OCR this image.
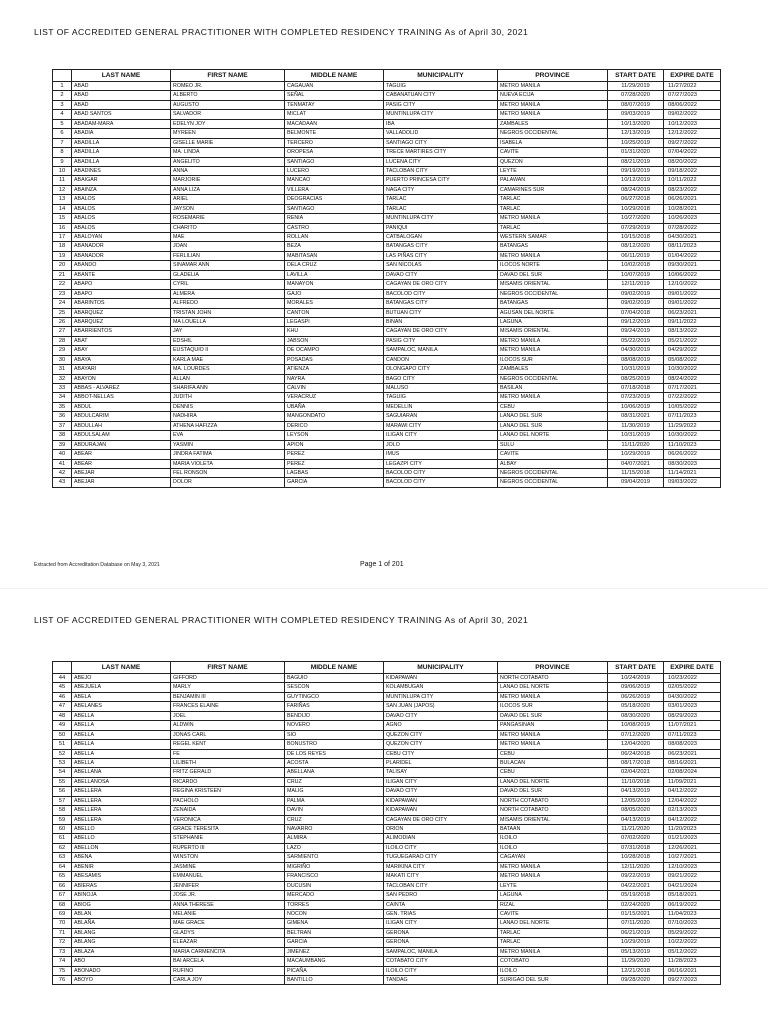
LIST OF ACCREDITED GENERAL PRACTITIONER WITH COMPLETED RESIDENCY TRAINING As of April 30, 2021
	LAST NAME	FIRST NAME	MIDDLE NAME	MUNICIPALITY	PROVINCE	START DATE	EXPIRE DATE
1	ABAD	ROMEO JR.	CAGAUAN	TAGUIG	METRO MANILA	11/29/2019	11/27/2022
2	ABAD	ALBERTO	SEÑAL	CABANATUAN CITY	NUEVA ECIJA	07/28/2020	07/27/2023
3	ABAD	AUGUSTO	TENMATAY	PASIG CITY	METRO MANILA	08/07/2019	08/06/2022
4	ABAD SANTOS	SALVADOR	MICLAT	MUNTINLUPA CITY	METRO MANILA	09/03/2019	09/02/2022
5	ABADAM-MARA	EDELYN JOY	MACADAAN	IBA	ZAMBALES	10/13/2020	10/12/2023
6	ABADIA	MYREEN	BELMONTE	VALLADOLID	NEGROS OCCIDENTAL	12/13/2019	12/12/2022
7	ABADILLA	GISELLE MARIE	TERCERO	SANTIAGO CITY	ISABELA	10/25/2019	09/27/2022
8	ABADILLA	MA. LINDA	OROPESA	TRECE MARTIRES CITY	CAVITE	01/31/2020	07/04/2022
9	ABADILLA	ANGELITO	SANTIAGO	LUCENA CITY	QUEZON	08/21/2019	08/20/2022
10	ABADINES	ANNA	LUCERO	TACLOBAN CITY	LEYTE	09/19/2019	09/18/2022
11	ABAIGAR	MARJORIE	MANCAO	PUERTO PRINCESA CITY	PALAWAN	10/12/2019	10/11/2022
12	ABAINZA	ANNA LIZA	VILLERA	NAGA CITY	CAMARINES SUR	08/24/2019	08/23/2022
13	ABALOS	ARIEL	DEOGRACIAS	TARLAC	TARLAC	06/27/2018	06/26/2021
14	ABALOS	JAYSON	SANTIAGO	TARLAC	TARLAC	10/29/2018	10/28/2021
15	ABALOS	ROSEMARIE	RENIA	MUNTINLUPA CITY	METRO MANILA	10/27/2020	10/26/2023
16	ABALOS	CHARITO	CASTRO	PANIQUI	TARLAC	07/29/2019	07/28/2022
17	ABALOYAN	MAE	ROLLAN	CATBALOGAN	WESTERN SAMAR	10/15/2018	04/30/2021
18	ABANADOR	JOAN	BEZA	BATANGAS CITY	BATANGAS	08/12/2020	08/11/2023
19	ABANADOR	FERLILIAN	MABITASAN	LAS PIÑAS CITY	METRO MANILA	06/11/2019	01/04/2022
20	ABANDO	SINAMAR ANN	DELA CRUZ	SAN NICOLAS	ILOCOS NORTE	10/02/2018	09/30/2021
21	ABANTE	GLADELIA	LAVILLA	DAVAO CITY	DAVAO DEL SUR	10/07/2019	10/06/2022
22	ABAPO	CYRIL	MANAYON	CAGAYAN DE ORO CITY	MISAMIS ORIENTAL	12/11/2019	12/10/2022
23	ABAPO	ALMERA	GAJO	BACOLOD CITY	NEGROS OCCIDENTAL	09/02/2019	09/01/2022
24	ABARINTOS	ALFREDO	MORALES	BATANGAS CITY	BATANGAS	09/02/2019	09/01/2022
25	ABARQUEZ	TRISTAN JOHN	CANTON	BUTUAN CITY	AGUSAN DEL NORTE	07/04/2018	06/23/2021
26	ABARQUEZ	MA LOUELLA	LEGASPI	BINAN	LAGUNA	09/12/2019	09/11/2022
27	ABARRIENTOS	JAY	KHU	CAGAYAN DE ORO CITY	MISAMIS ORIENTAL	09/24/2019	08/13/2022
28	ABAT	EDSHIL	JABSON	PASIG CITY	METRO MANILA	05/22/2019	05/21/2022
29	ABAY	EUSTAQUIO II	DE OCAMPO	SAMPALOC, MANILA	METRO MANILA	04/30/2019	04/29/2022
30	ABAYA	KARLA MAE	POSADAS	CANDON	ILOCOS SUR	08/08/2019	05/08/2022
31	ABAYARI	MA. LOURDES	ATIENZA	OLONGAPO CITY	ZAMBALES	10/31/2019	10/30/2022
32	ABAYON	ALLAN	NAYRA	BAGO CITY	NEGROS OCCIDENTAL	08/25/2019	08/24/2022
33	ABBAS - ALVAREZ	SHARIFA ANN	CALVIN	MALUSO	BASILAN	07/18/2018	07/17/2021
34	ABBOT-NELLAS	JUDITH	VERACRUZ	TAGUIG	METRO MANILA	07/23/2019	07/22/2022
35	ABDUL	DENNIS	UBAÑA	MEDELLIN	CEBU	10/06/2019	10/05/2022
36	ABDULCARIM	NADHIRA	MANGONDATO	SAGUIARAN	LANAO DEL SUR	08/31/2021	07/11/2023
37	ABDULLAH	ATHENA HAFIZZA	DERICO	MARAWI CITY	LANAO DEL SUR	11/30/2019	11/29/2022
38	ABDULSALAM	EVA	LEYSON	ILIGAN CITY	LANAO DEL NORTE	10/31/2019	10/30/2022
39	ABDURAJAN	YASMIN	APION	JOLO	SULU	11/11/2020	11/10/2023
40	ABEAR	JINDRA FATIMA	PEREZ	IMUS	CAVITE	10/29/2019	06/26/2022
41	ABEAR	MARIA VIOLETA	PEREZ	LEGAZPI CITY	ALBAY	04/07/2021	08/30/2023
42	ABEJAR	FEL RONSON	LAGBAS	BACOLOD CITY	NEGROS OCCIDENTAL	11/15/2018	11/14/2021
43	ABEJAR	DOLOR	GARCIA	BACOLOD CITY	NEGROS OCCIDENTAL	09/04/2019	09/03/2022
Extracted from Accreditation Database on May 3, 2021	Page 1 of 201
LIST OF ACCREDITED GENERAL PRACTITIONER WITH COMPLETED RESIDENCY TRAINING As of April 30, 2021
	LAST NAME	FIRST NAME	MIDDLE NAME	MUNICIPALITY	PROVINCE	START DATE	EXPIRE DATE
44	ABEJO	GIFFORD	BAGUIO	KIDAPAWAN	NORTH COTABATO	10/24/2019	10/23/2022
45	ABEJUELA	MARLY	SESCON	KOLAMBUGAN	LANAO DEL NORTE	09/06/2019	02/05/2022
46	ABELA	BENJAMIN III	GUYTINGCO	MUNTINLUPA CITY	METRO MANILA	06/26/2019	04/30/2022
47	ABELANES	FRANCES ELAINE	FARIÑAS	SAN JUAN (JAPOS)	ILOCOS SUR	05/18/2020	03/01/2023
48	ABELLA	JOEL	BENDIJO	DAVAO CITY	DAVAO DEL SUR	08/30/2020	08/29/2023
49	ABELLA	ALDWIN	NOVERO	AGNO	PANGASINAN	10/08/2019	11/07/2021
50	ABELLA	JONAS CARL	SIO	QUEZON CITY	METRO MANILA	07/12/2020	07/11/2023
51	ABELLA	REGEL KENT	BONUSTRO	QUEZON CITY	METRO MANILA	12/04/2020	08/08/2023
52	ABELLA	FE	DE LOS REYES	CEBU CITY	CEBU	06/24/2018	06/23/2021
53	ABELLA	LILIBETH	ACOSTA	PLARIDEL	BULACAN	08/17/2018	08/16/2021
54	ABELLANA	FRITZ GERALD	ABELLANA	TALISAY	CEBU	02/04/2021	02/08/2024
55	ABELLANOSA	RICARDO	CRUZ	ILIGAN CITY	LANAO DEL NORTE	11/10/2018	11/09/2021
56	ABELLERA	REGINA KRISTEEN	MALIG	DAVAO CITY	DAVAO DEL SUR	04/13/2019	04/12/2022
57	ABELLERA	PACHOLO	PALMA	KIDAPAWAN	NORTH COTABATO	12/05/2019	12/04/2022
58	ABELLERA	ZENAIDA	DAVIN	KIDAPAWAN	NORTH COTABATO	08/05/2020	02/13/2023
59	ABELLERA	VERONICA	CRUZ	CAGAYAN DE ORO CITY	MISAMIS ORIENTAL	04/13/2019	04/12/2022
60	ABELLO	GRACE TERESITA	NAVARRO	ORION	BATAAN	11/21/2020	11/20/2023
61	ABELLO	STEPHANIE	ALMIRA	ALIMODIAN	ILOILO	07/02/2020	01/21/2023
62	ABELLON	RUPERTO III	LAZO	ILOILO CITY	ILOILO	07/31/2018	12/26/2021
63	ABENA	WINSTON	SARMIENTO	TUGUEGARAO CITY	CAGAYAN	10/28/2018	10/27/2021
64	ABENIR	JASMINE	MIGRIÑO	MARIKINA CITY	METRO MANILA	12/11/2020	12/10/2023
65	ABESAMIS	EMMANUEL	FRANCISCO	MAKATI CITY	METRO MANILA	09/22/2019	09/21/2022
66	ABIERAS	JENNIFER	DUCUSIN	TACLOBAN CITY	LEYTE	04/22/2021	04/21/2024
67	ABINOJA	JOSE JR.	MERCADO	SAN PEDRO	LAGUNA	05/19/2018	05/18/2021
68	ABIOG	ANNA THERESE	TORRES	CAINTA	RIZAL	02/24/2020	06/19/2022
69	ABLAN	MELANIE	NOCON	GEN. TRIAS	CAVITE	01/15/2021	11/04/2023
70	ABLAÑA	MAE GRACE	GIMENA	ILIGAN CITY	LANAO DEL NORTE	07/11/2020	07/10/2023
71	ABLANG	GLADYS	BELTRAN	GERONA	TARLAC	06/21/2019	05/29/2022
72	ABLANG	ELEAZAR	GARCIA	GERONA	TARLAC	10/29/2019	10/22/2022
73	ABLAZA	MARIA CARMENCITA	JIMENEZ	SAMPALOC, MANILA	METRO MANILA	05/13/2019	05/12/2022
74	ABO	BAI ARCELA	MACAUMBANG	COTABATO CITY	COTOBATO	11/29/2020	11/28/2023
75	ABONADO	RUFINO	PICAÑA	ILOILO CITY	ILOILO	12/21/2018	06/16/2021
76	ABOYO	CARLA JOY	BANTILLO	TANDAG	SURIGAO DEL SUR	09/28/2020	09/27/2023
